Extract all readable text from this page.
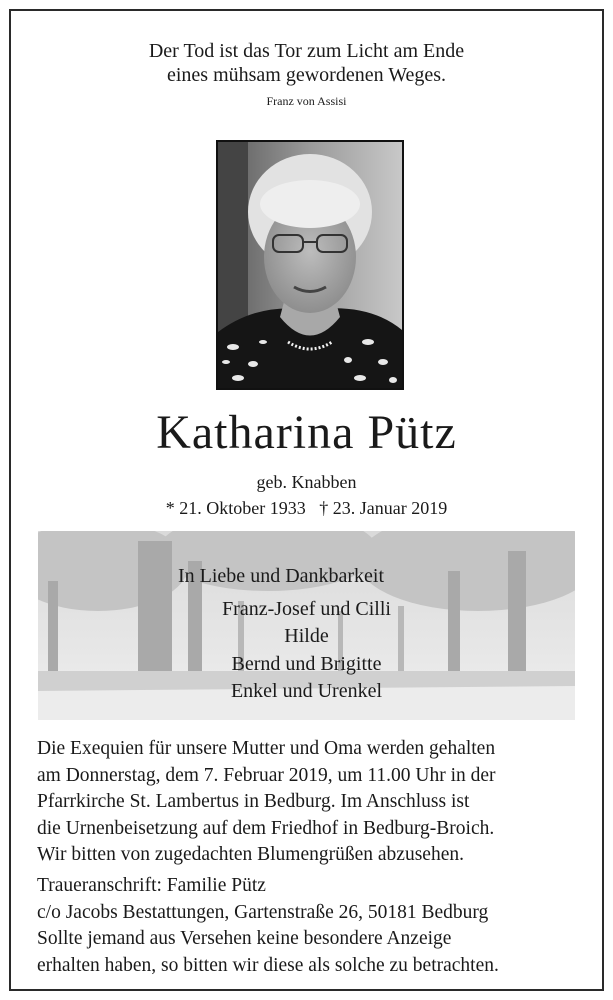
Der Tod ist das Tor zum Licht am Ende
eines mühsam gewordenen Weges.
Franz von Assisi
Katharina Pütz
geb. Knabben
* 21. Oktober 1933 † 23. Januar 2019
In Liebe und Dankbarkeit
Franz-Josef und Cilli
Hilde
Bernd und Brigitte
Enkel und Urenkel
Die Exequien für unsere Mutter und Oma werden gehalten
am Donnerstag, dem 7. Februar 2019, um 11.00 Uhr in der
Pfarrkirche St. Lambertus in Bedburg. Im Anschluss ist
die Urnenbeisetzung auf dem Friedhof in Bedburg-Broich.
Wir bitten von zugedachten Blumengrüßen abzusehen.
Traueranschrift: Familie Pütz
c/o Jacobs Bestattungen, Gartenstraße 26, 50181 Bedburg
Sollte jemand aus Versehen keine besondere Anzeige
erhalten haben, so bitten wir diese als solche zu betrachten.
